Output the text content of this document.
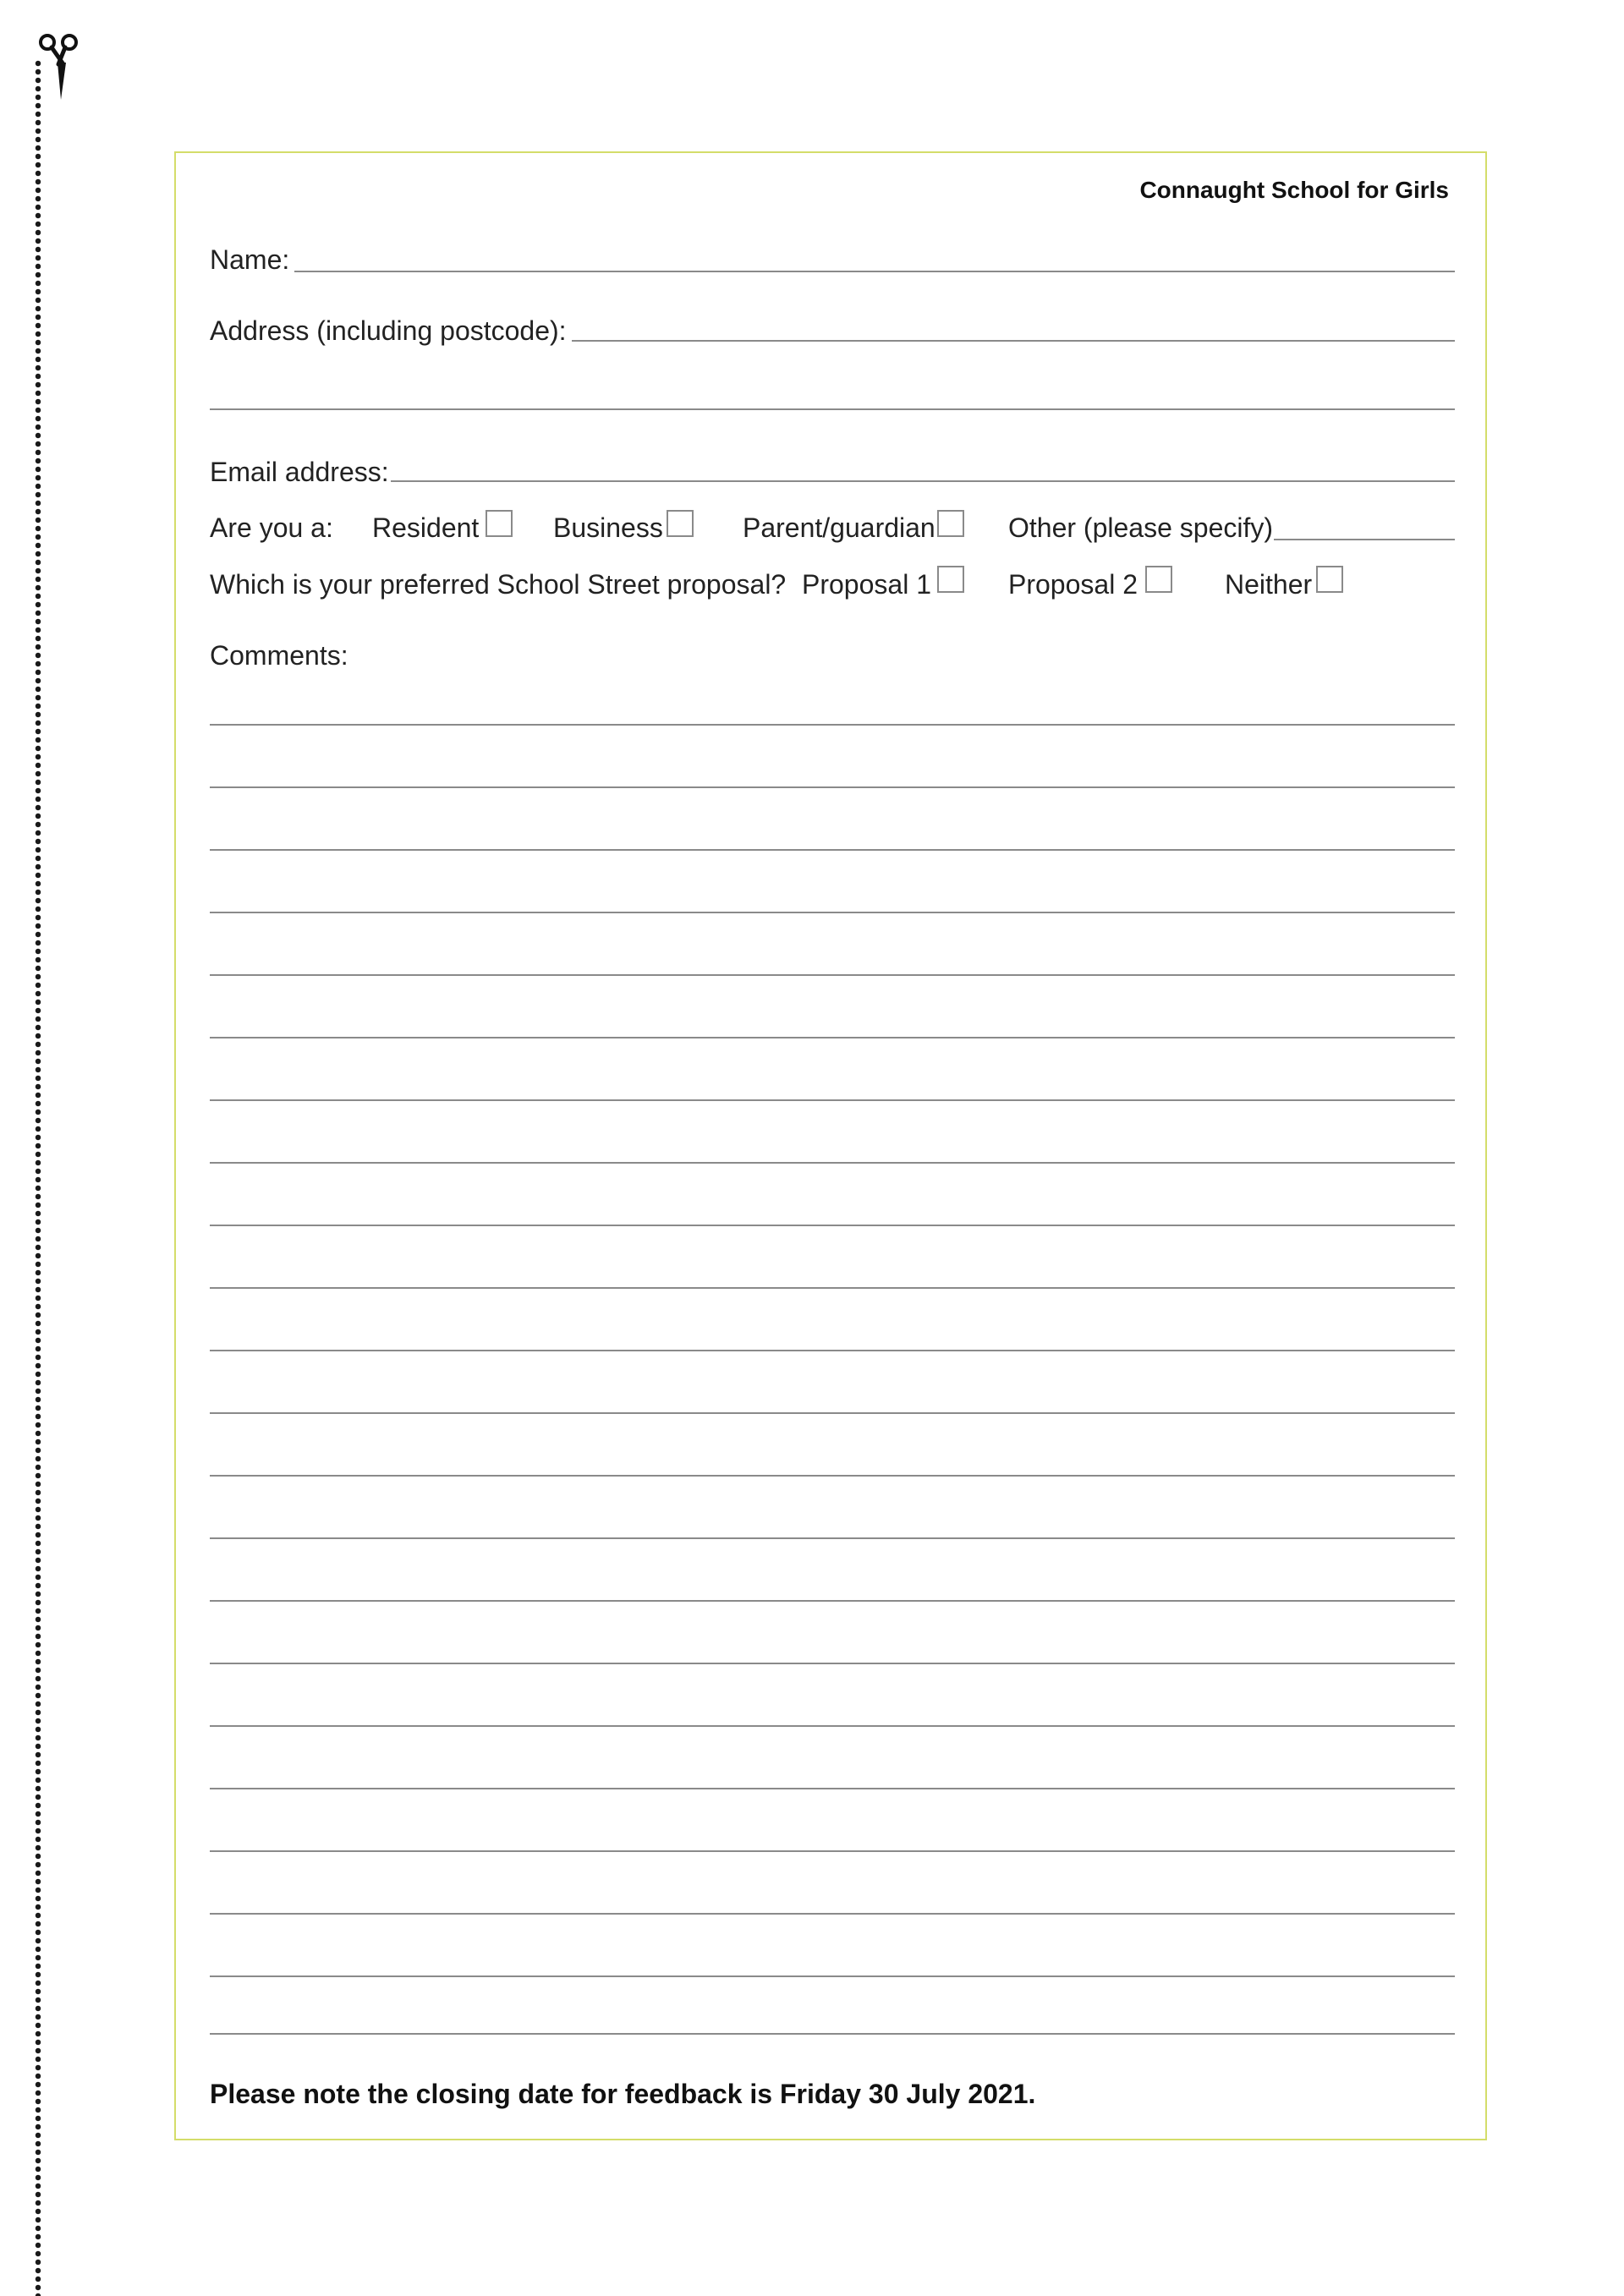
Connaught School for Girls
Name:
Address (including postcode):
Email address:
Are you a: Resident	Business	Parent/guardian	Other (please specify)
Which is your preferred School Street proposal? Proposal 1	Proposal 2	Neither
Comments:
Please note the closing date for feedback is Friday 30 July 2021.
